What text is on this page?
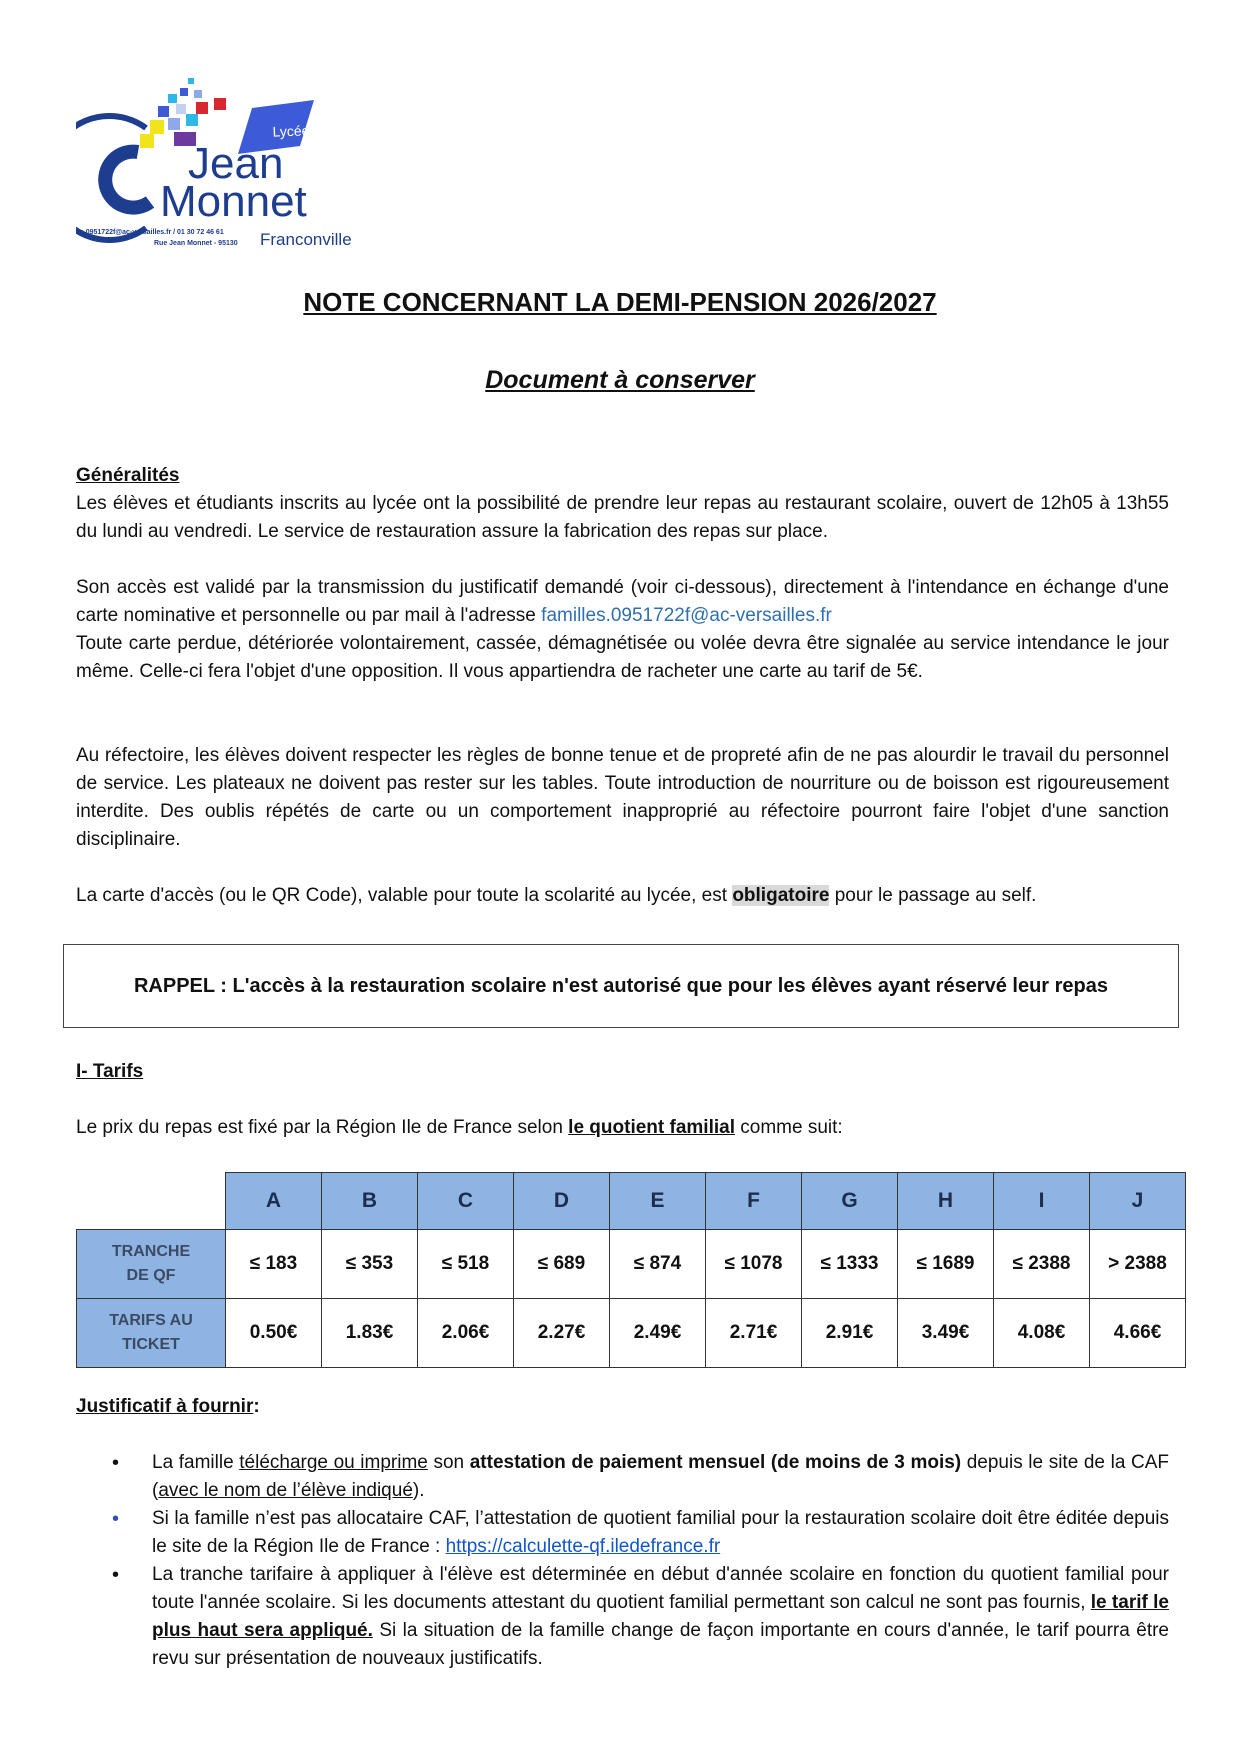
Lycée
Jean
Monnet
ce.0951722f@ac-versailles.fr / 01 30 72 46 61
Rue Jean Monnet - 95130 Franconville
NOTE CONCERNANT LA DEMI-PENSION 2026/2027
Document à conserver
Généralités
Les élèves et étudiants inscrits au lycée ont la possibilité de prendre leur repas au restaurant scolaire, ouvert de 12h05 à 13h55 du lundi au vendredi. Le service de restauration assure la fabrication des repas sur place.
Son accès est validé par la transmission du justificatif demandé (voir ci-dessous), directement à l'intendance en échange d'une carte nominative et personnelle ou par mail à l'adresse familles.0951722f@ac-versailles.fr
Toute carte perdue, détériorée volontairement, cassée, démagnétisée ou volée devra être signalée au service intendance le jour même. Celle-ci fera l'objet d'une opposition. Il vous appartiendra de racheter une carte au tarif de 5€.
Au réfectoire, les élèves doivent respecter les règles de bonne tenue et de propreté afin de ne pas alourdir le travail du personnel de service. Les plateaux ne doivent pas rester sur les tables. Toute introduction de nourriture ou de boisson est rigoureusement interdite. Des oublis répétés de carte ou un comportement inapproprié au réfectoire pourront faire l'objet d'une sanction disciplinaire.
La carte d'accès (ou le QR Code), valable pour toute la scolarité au lycée, est obligatoire pour le passage au self.
RAPPEL : L'accès à la restauration scolaire n'est autorisé que pour les élèves ayant réservé leur repas
I- Tarifs
Le prix du repas est fixé par la Région Ile de France selon le quotient familial comme suit:
	A	B	C	D	E	F	G	H	I	J
TRANCHE
DE QF	≤ 183	≤ 353	≤ 518	≤ 689	≤ 874	≤ 1078	≤ 1333	≤ 1689	≤ 2388	> 2388
TARIFS AU
TICKET	0.50€	1.83€	2.06€	2.27€	2.49€	2.71€	2.91€	3.49€	4.08€	4.66€
Justificatif à fournir:
• La famille télécharge ou imprime son attestation de paiement mensuel (de moins de 3 mois) depuis le site de la CAF (avec le nom de l’élève indiqué).
• Si la famille n’est pas allocataire CAF, l’attestation de quotient familial pour la restauration scolaire doit être éditée depuis le site de la Région Ile de France : https://calculette-qf.iledefrance.fr
• La tranche tarifaire à appliquer à l'élève est déterminée en début d'année scolaire en fonction du quotient familial pour toute l'année scolaire. Si les documents attestant du quotient familial permettant son calcul ne sont pas fournis, le tarif le plus haut sera appliqué. Si la situation de la famille change de façon importante en cours d'année, le tarif pourra être revu sur présentation de nouveaux justificatifs.
